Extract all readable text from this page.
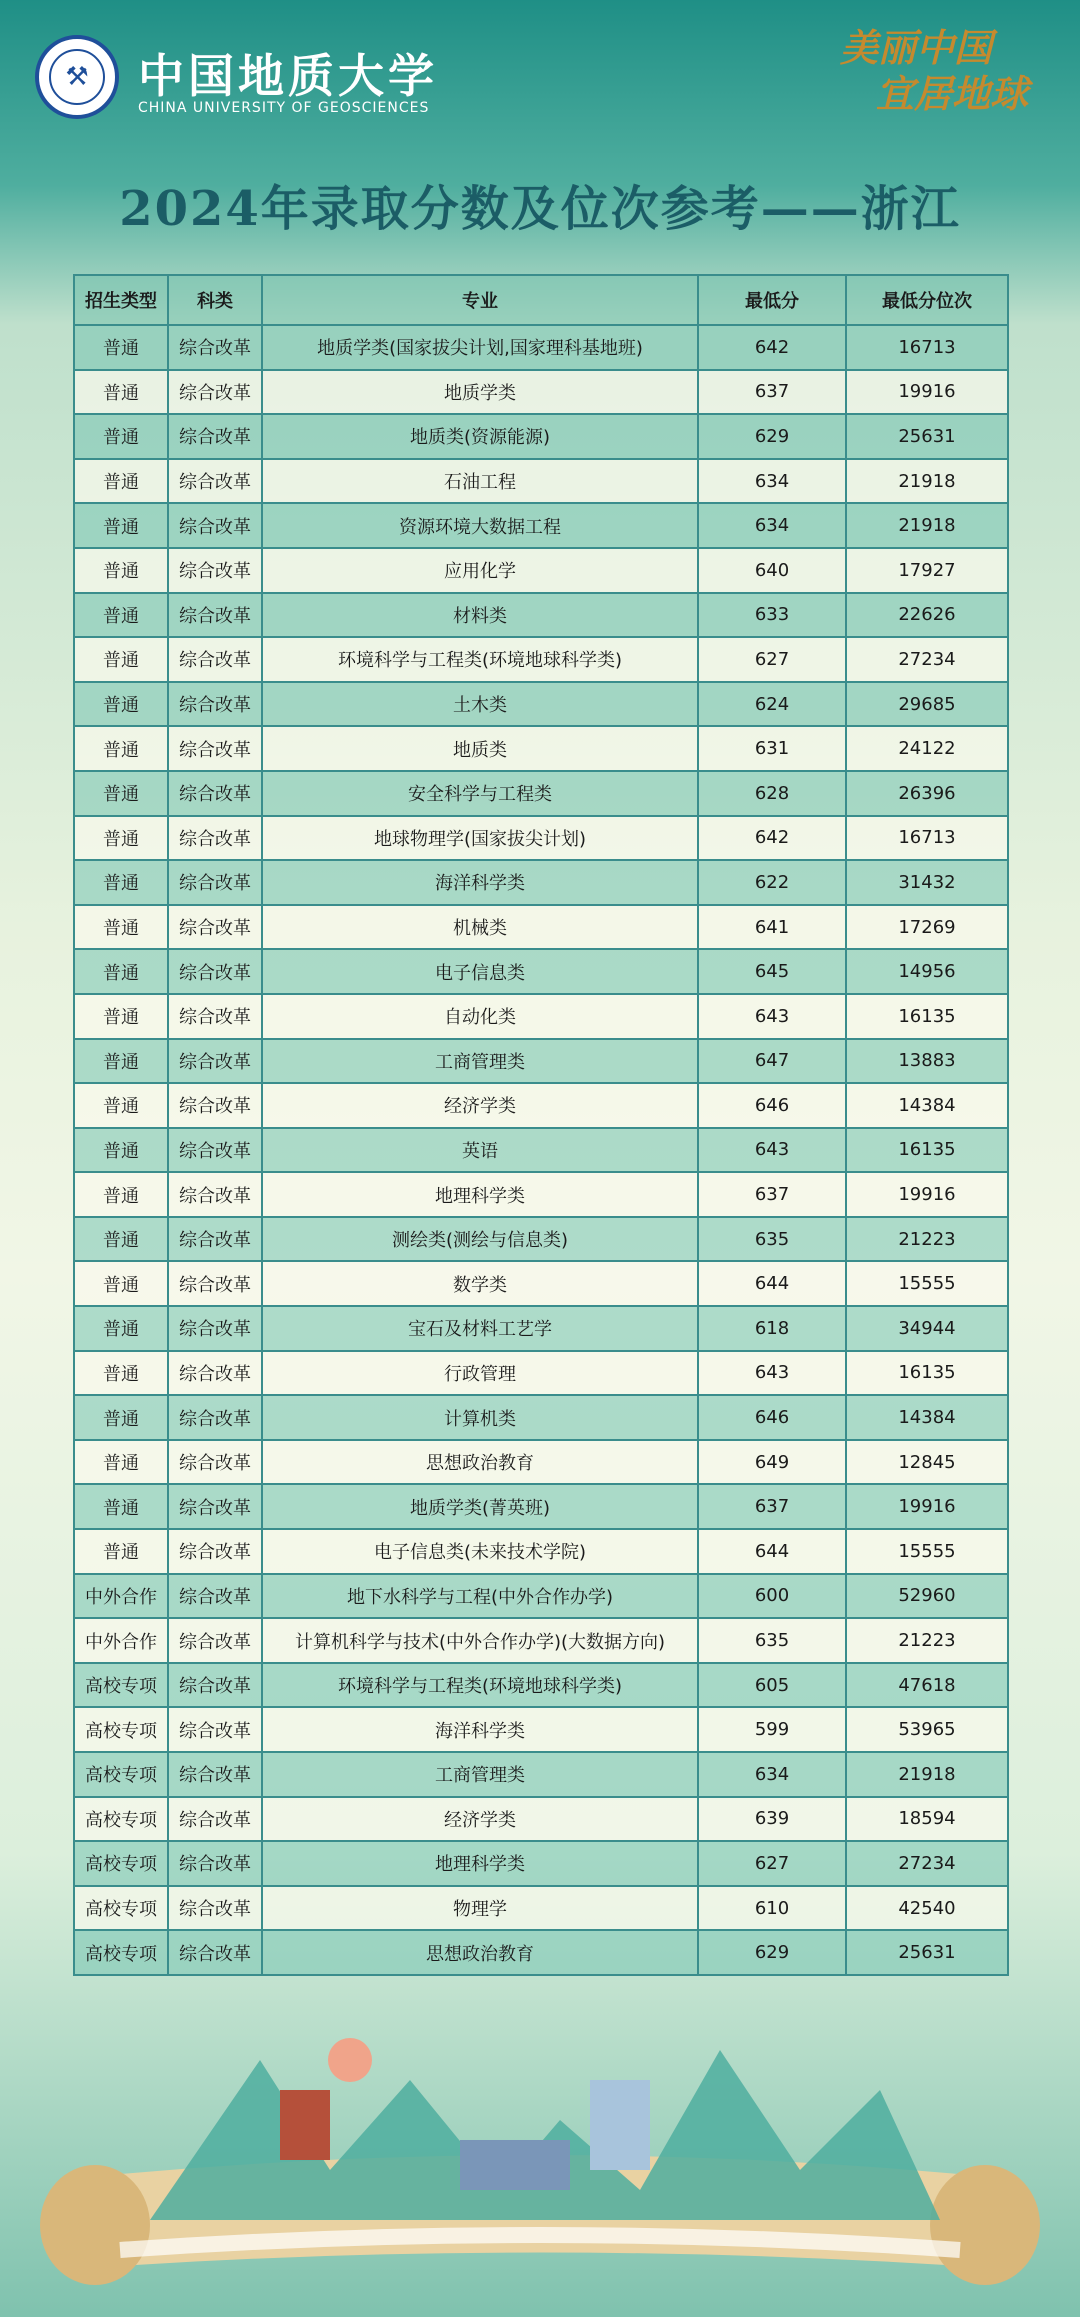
⚒	中国地质大学
CHINA UNIVERSITY OF GEOSCIENCES
美丽中国
宜居地球
2024年录取分数及位次参考——浙江
招生类型	科类	专业	最低分	最低分位次
普通	综合改革	地质学类(国家拔尖计划,国家理科基地班)	642	16713
普通	综合改革	地质学类	637	19916
普通	综合改革	地质类(资源能源)	629	25631
普通	综合改革	石油工程	634	21918
普通	综合改革	资源环境大数据工程	634	21918
普通	综合改革	应用化学	640	17927
普通	综合改革	材料类	633	22626
普通	综合改革	环境科学与工程类(环境地球科学类)	627	27234
普通	综合改革	土木类	624	29685
普通	综合改革	地质类	631	24122
普通	综合改革	安全科学与工程类	628	26396
普通	综合改革	地球物理学(国家拔尖计划)	642	16713
普通	综合改革	海洋科学类	622	31432
普通	综合改革	机械类	641	17269
普通	综合改革	电子信息类	645	14956
普通	综合改革	自动化类	643	16135
普通	综合改革	工商管理类	647	13883
普通	综合改革	经济学类	646	14384
普通	综合改革	英语	643	16135
普通	综合改革	地理科学类	637	19916
普通	综合改革	测绘类(测绘与信息类)	635	21223
普通	综合改革	数学类	644	15555
普通	综合改革	宝石及材料工艺学	618	34944
普通	综合改革	行政管理	643	16135
普通	综合改革	计算机类	646	14384
普通	综合改革	思想政治教育	649	12845
普通	综合改革	地质学类(菁英班)	637	19916
普通	综合改革	电子信息类(未来技术学院)	644	15555
中外合作	综合改革	地下水科学与工程(中外合作办学)	600	52960
中外合作	综合改革	计算机科学与技术(中外合作办学)(大数据方向)	635	21223
高校专项	综合改革	环境科学与工程类(环境地球科学类)	605	47618
高校专项	综合改革	海洋科学类	599	53965
高校专项	综合改革	工商管理类	634	21918
高校专项	综合改革	经济学类	639	18594
高校专项	综合改革	地理科学类	627	27234
高校专项	综合改革	物理学	610	42540
高校专项	综合改革	思想政治教育	629	25631
